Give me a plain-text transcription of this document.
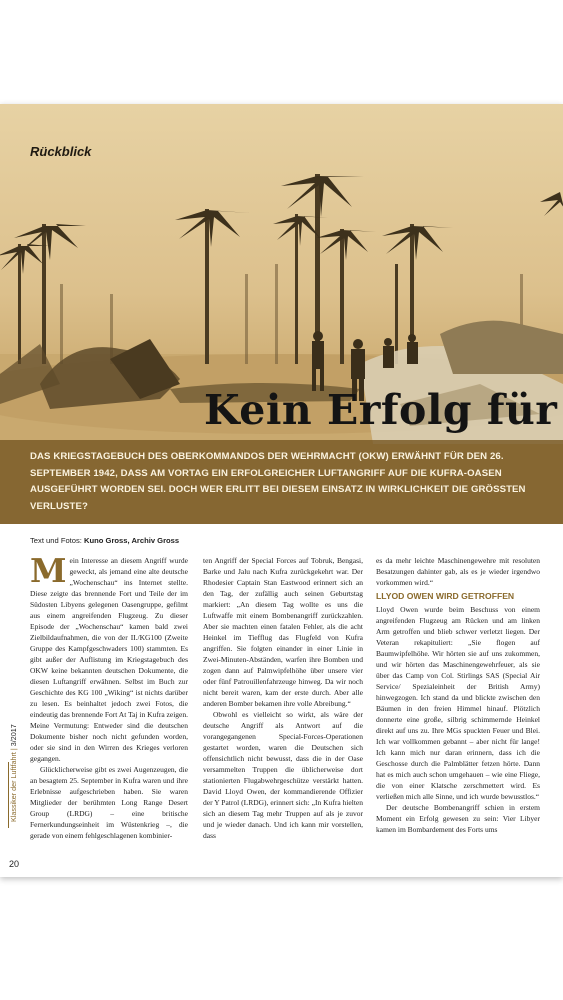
Rückblick
Kein Erfolg für
DAS KRIEGSTAGEBUCH DES OBERKOMMANDOS DER WEHRMACHT (OKW) ERWÄHNT FÜR DEN 26. SEPTEMBER 1942, DASS AM VORTAG EIN ERFOLGREICHER LUFTANGRIFF AUF DIE KUFRA-OASEN AUSGEFÜHRT WORDEN SEI. DOCH WER ERLITT BEI DIESEM EINSATZ IN WIRKLICHKEIT DIE GRÖSSTEN VERLUSTE?
Text und Fotos: Kuno Gross, Archiv Gross

Mein Interesse an diesem Angriff wurde geweckt, als jemand eine alte deutsche „Wochenschau“ ins Internet stellte. Diese zeigte das brennende Fort und Teile der im Südosten Libyens gelegenen Oasengruppe, gefilmt aus einem angreifenden Flugzeug. Zu dieser Episode der „Wochenschau“ kamen bald zwei Zielbildaufnahmen, die von der II./KG100 (Zweite Gruppe des Kampfgeschwaders 100) stammten. Es gibt außer der Auflistung im Kriegstagebuch des OKW keine bekannten deutschen Dokumente, die diesen Luftangriff erwähnen. Selbst im Buch zur Geschichte des KG 100 „Wiking“ ist nichts darüber zu lesen. Es beinhaltet jedoch zwei Fotos, die eindeutig das brennende Fort At Taj in Kufra zeigen. Meine Vermutung: Entweder sind die deutschen Dokumente bisher noch nicht gefunden worden, oder sie sind in den Wirren des Krieges verloren gegangen.

Glücklicherweise gibt es zwei Augenzeugen, die an besagtem 25. September in Kufra waren und ihre Erlebnisse aufgeschrieben haben. Sie waren Mitglieder der berühmten Long Range Desert Group (LRDG) – eine britische Fernerkundungseinheit im Wüstenkrieg –, die gerade von einem fehlgeschlagenen kombinier-

ten Angriff der Special Forces auf Tobruk, Bengasi, Barke und Jalu nach Kufra zurückgekehrt war. Der Rhodesier Captain Stan Eastwood erinnert sich an den Tag, der zufällig auch seinen Geburtstag markiert: „An diesem Tag wollte es uns die Luftwaffe mit einem Bombenangriff zurückzahlen. Aber sie machten einen fatalen Fehler, als die acht Heinkel im Tiefflug das Flugfeld von Kufra angriffen. Sie folgten einander in einer Linie in Zwei-Minuten-Abständen, warfen ihre Bomben und zogen dann auf Palmwipfelhöhe über unsere vier oder fünf Patrouillenfahrzeuge hinweg. Da wir noch nicht bereit waren, kam der erste durch. Aber alle anderen Bomber bekamen ihre volle Abreibung.“

Obwohl es vielleicht so wirkt, als wäre der deutsche Angriff als Antwort auf die vorangegangenen Special-Forces-Operationen gestartet worden, waren die Deutschen sich offensichtlich nicht bewusst, dass die in der Oase versammelten Truppen die üblicherweise dort stationierten Flugabwehrgeschütze verstärkt hatten. David Lloyd Owen, der kommandierende Offizier der Y Patrol (LRDG), erinnert sich: „In Kufra hielten sich an diesem Tag mehr Truppen auf als je zuvor und je wieder danach. Und ich kann mir vorstellen, dass

es da mehr leichte Maschinengewehre mit resoluten Besatzungen dahinter gab, als es je wieder irgendwo vorkommen wird.“

LLYOD OWEN WIRD GETROFFEN

Lloyd Owen wurde beim Beschuss von einem angreifenden Flugzeug am Rücken und am linken Arm getroffen und blieb schwer verletzt liegen. Der Veteran rekapituliert: „Sie flogen auf Baumwipfelhöhe. Wir hörten sie auf uns zukommen, und wir hörten das Maschinengewehrfeuer, als sie über das Camp von Col. Stirlings SAS (Special Air Service/ Spezialeinheit der British Army) hinwegzogen. Ich stand da und blickte zwischen den Bäumen in den freien Himmel hinauf. Plötzlich donnerte eine große, silbrig schimmernde Heinkel direkt auf uns zu. Ihre MGs spuckten Feuer und Blei. Ich war vollkommen gebannt – aber nicht für lange! Ich kann mich nur daran erinnern, dass ich die Geschosse durch die Palmblätter fetzen hörte. Dann hat es mich auch schon umgehauen – wie eine Fliege, die von einer Klatsche zerschmettert wird. Es verließen mich alle Sinne, und ich wurde bewusstlos.“

Der deutsche Bombenangriff schien in erstem Moment ein Erfolg gewesen zu sein: Vier Libyer kamen im Bombardement des Forts ums

Klassiker der Luftfahrt | 3/2017
20
